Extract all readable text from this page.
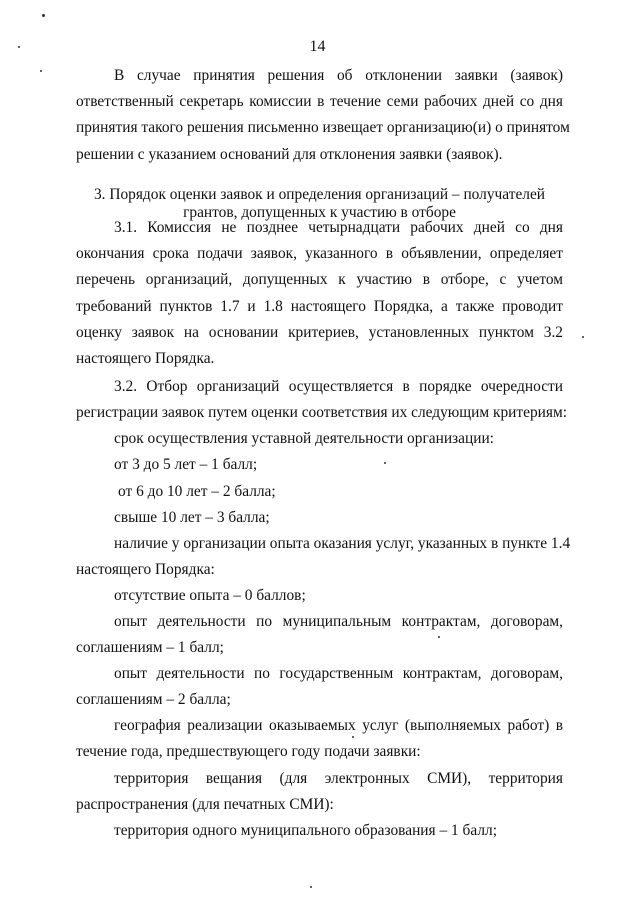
14
В случае принятия решения об отклонении заявки (заявок)
ответственный секретарь комиссии в течение семи рабочих дней со дня
принятия такого решения письменно извещает организацию(и) о принятом
решении с указанием оснований для отклонения заявки (заявок).
3. Порядок оценки заявок и определения организаций – получателей
грантов, допущенных к участию в отборе
3.1. Комиссия не позднее четырнадцати рабочих дней со дня
окончания срока подачи заявок, указанного в объявлении, определяет
перечень организаций, допущенных к участию в отборе, с учетом
требований пунктов 1.7 и 1.8 настоящего Порядка, а также проводит
оценку заявок на основании критериев, установленных пунктом 3.2
настоящего Порядка.
3.2. Отбор организаций осуществляется в порядке очередности
регистрации заявок путем оценки соответствия их следующим критериям:
срок осуществления уставной деятельности организации:
от 3 до 5 лет – 1 балл;
от 6 до 10 лет – 2 балла;
свыше 10 лет – 3 балла;
наличие у организации опыта оказания услуг, указанных в пункте 1.4
настоящего Порядка:
отсутствие опыта – 0 баллов;
опыт деятельности по муниципальным контрактам, договорам,
соглашениям – 1 балл;
опыт деятельности по государственным контрактам, договорам,
соглашениям – 2 балла;
география реализации оказываемых услуг (выполняемых работ) в
течение года, предшествующего году подачи заявки:
территория вещания (для электронных СМИ), территория
распространения (для печатных СМИ):
территория одного муниципального образования – 1 балл;
